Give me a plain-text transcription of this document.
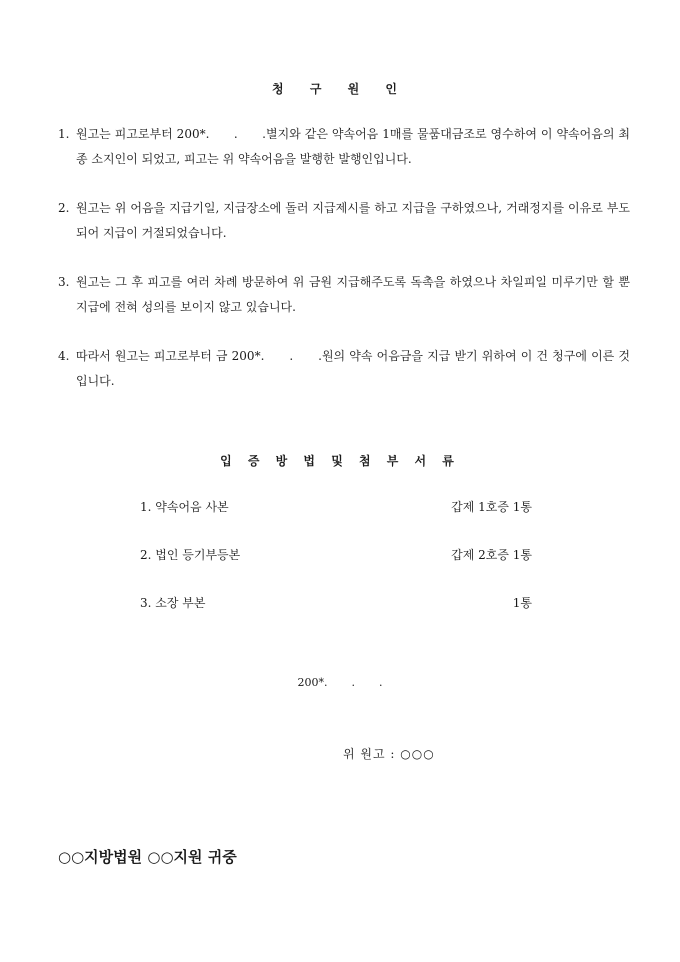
청 구 원 인
1. 원고는 피고로부터 200*.　　.　　.별지와 같은 약속어음 1매를 물품대금조로 영수하여 이 약속어음의 최종 소지인이 되었고, 피고는 위 약속어음을 발행한 발행인입니다.
2. 원고는 위 어음을 지급기일, 지급장소에 돌러 지급제시를 하고 지급을 구하였으나, 거래정지를 이유로 부도 되어 지급이 거절되었습니다.
3. 원고는 그 후 피고를 여러 차례 방문하여 위 금원 지급해주도록 독촉을 하였으나 차일피일 미루기만 할 뿐 지급에 전혀 성의를 보이지 않고 있습니다.
4. 따라서 원고는 피고로부터 금 200*.　　.　　.원의 약속 어음금을 지급 받기 위하여 이 건 청구에 이른 것입니다.
입 증 방 법 및 첨 부 서 류
1. 약속어음 사본	갑제 1호증 1통
2. 법인 등기부등본	갑제 2호증 1통
3. 소장 부본	1통
200*. . .
위 원고 : ○○○
○○지방법원 ○○지원 귀중
